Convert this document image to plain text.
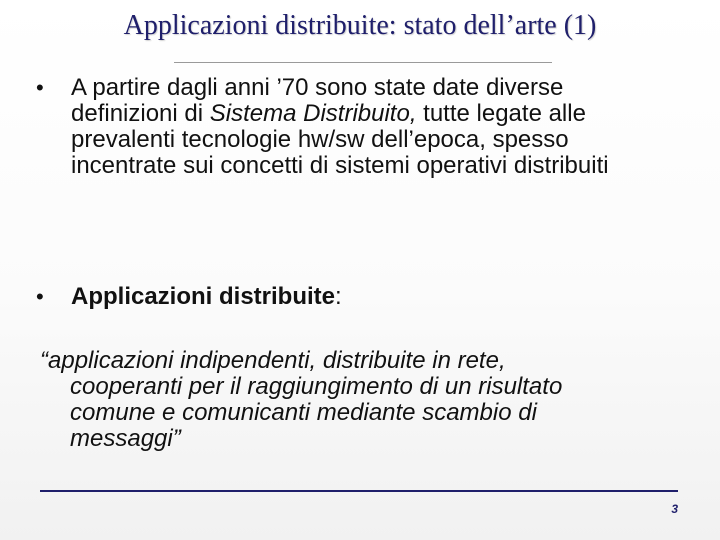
Applicazioni distribuite: stato dell’arte (1)
• A partire dagli anni ’70 sono state date diverse definizioni di Sistema Distribuito, tutte legate alle prevalenti tecnologie hw/sw dell’epoca, spesso incentrate sui concetti di sistemi operativi distribuiti
• Applicazioni distribuite:
“applicazioni indipendenti, distribuite in rete,
cooperanti per il raggiungimento di un risultato
comune e comunicanti mediante scambio di
messaggi”
3
